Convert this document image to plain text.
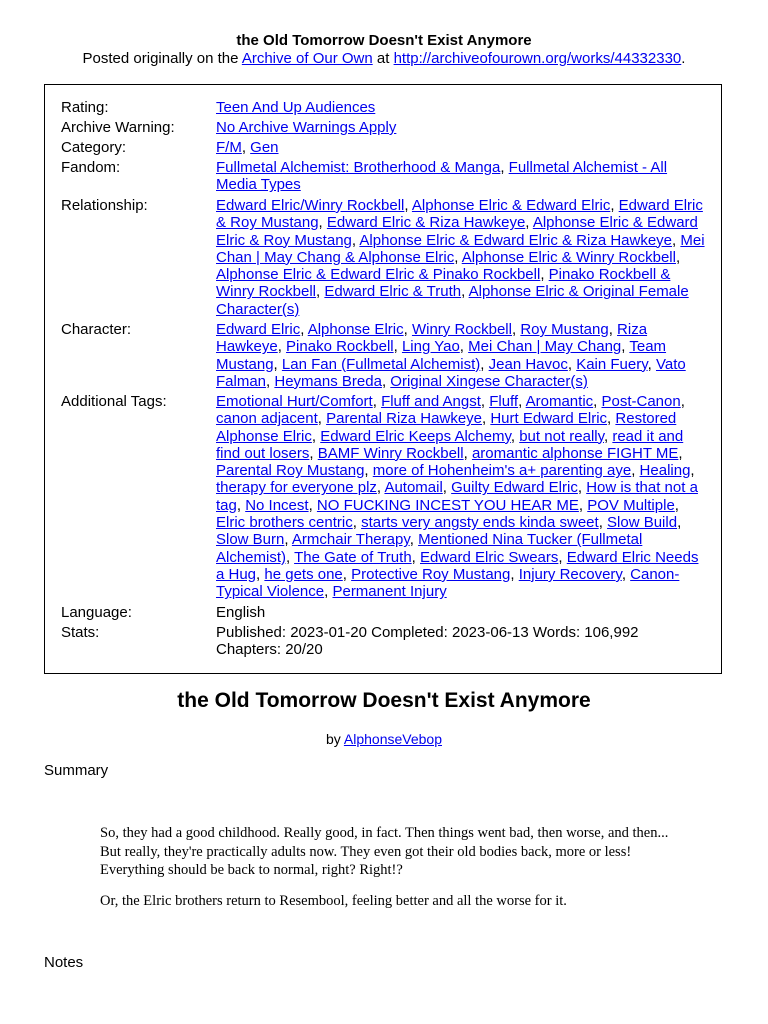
the Old Tomorrow Doesn't Exist Anymore
Posted originally on the Archive of Our Own at http://archiveofourown.org/works/44332330.
Rating:	Teen And Up Audiences
Archive Warning:	No Archive Warnings Apply
Category:	F/M, Gen
Fandom:	Fullmetal Alchemist: Brotherhood & Manga, Fullmetal Alchemist - All Media Types
Relationship:	Edward Elric/Winry Rockbell, Alphonse Elric & Edward Elric, Edward Elric & Roy Mustang, Edward Elric & Riza Hawkeye, Alphonse Elric & Edward Elric & Roy Mustang, Alphonse Elric & Edward Elric & Riza Hawkeye, Mei Chan | May Chang & Alphonse Elric, Alphonse Elric & Winry Rockbell, Alphonse Elric & Edward Elric & Pinako Rockbell, Pinako Rockbell & Winry Rockbell, Edward Elric & Truth, Alphonse Elric & Original Female Character(s)
Character:	Edward Elric, Alphonse Elric, Winry Rockbell, Roy Mustang, Riza Hawkeye, Pinako Rockbell, Ling Yao, Mei Chan | May Chang, Team Mustang, Lan Fan (Fullmetal Alchemist), Jean Havoc, Kain Fuery, Vato Falman, Heymans Breda, Original Xingese Character(s)
Additional Tags:	Emotional Hurt/Comfort, Fluff and Angst, Fluff, Aromantic, Post-Canon, canon adjacent, Parental Riza Hawkeye, Hurt Edward Elric, Restored Alphonse Elric, Edward Elric Keeps Alchemy, but not really, read it and find out losers, BAMF Winry Rockbell, aromantic alphonse FIGHT ME, Parental Roy Mustang, more of Hohenheim's a+ parenting aye, Healing, therapy for everyone plz, Automail, Guilty Edward Elric, How is that not a tag, No Incest, NO FUCKING INCEST YOU HEAR ME, POV Multiple, Elric brothers centric, starts very angsty ends kinda sweet, Slow Build, Slow Burn, Armchair Therapy, Mentioned Nina Tucker (Fullmetal Alchemist), The Gate of Truth, Edward Elric Swears, Edward Elric Needs a Hug, he gets one, Protective Roy Mustang, Injury Recovery, Canon-Typical Violence, Permanent Injury
Language:	English
Stats:	Published: 2023-01-20 Completed: 2023-06-13 Words: 106,992 Chapters: 20/20
the Old Tomorrow Doesn't Exist Anymore
by AlphonseVebop
Summary

So, they had a good childhood. Really good, in fact. Then things went bad, then worse, and then... But really, they're practically adults now. They even got their old bodies back, more or less! Everything should be back to normal, right? Right!?

Or, the Elric brothers return to Resembool, feeling better and all the worse for it.

Notes
